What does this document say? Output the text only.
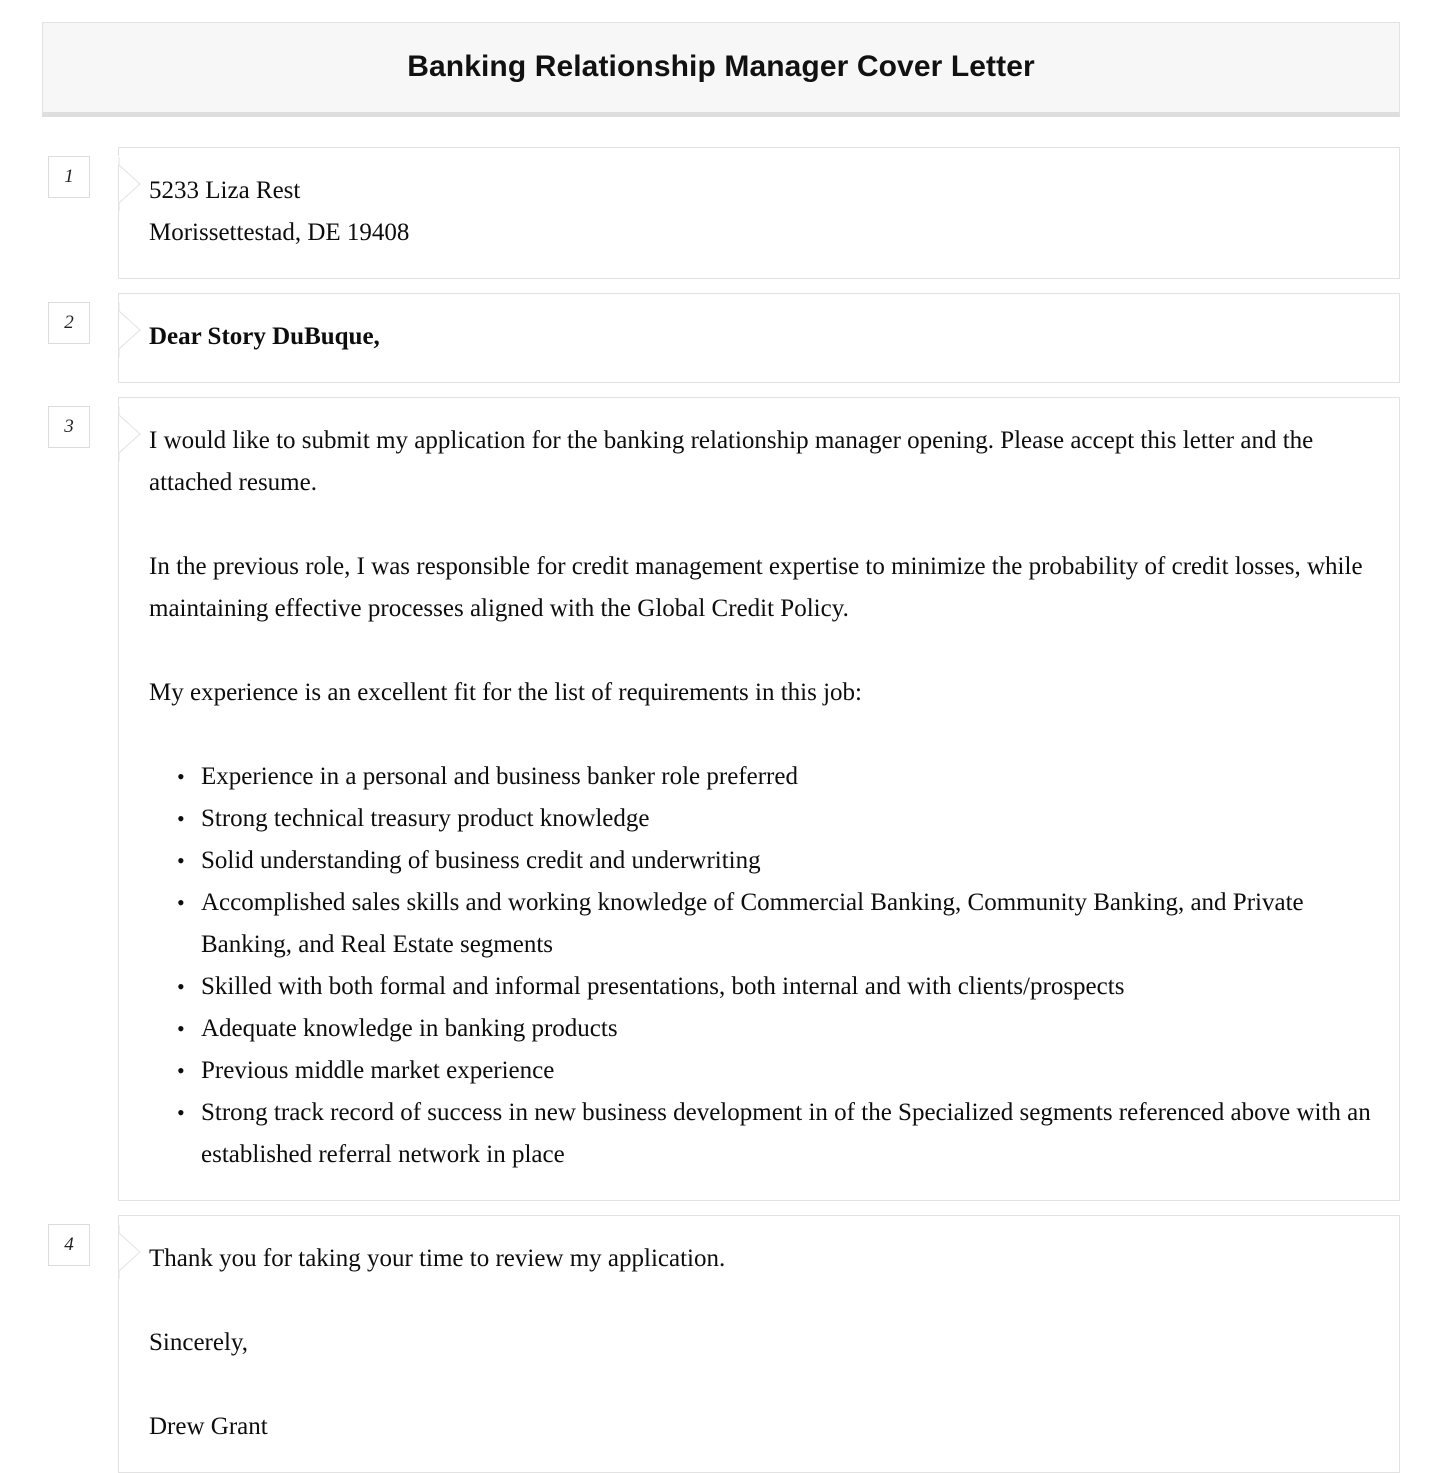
Banking Relationship Manager Cover Letter
1
5233 Liza Rest
Morissettestad, DE 19408
2
Dear Story DuBuque,
3

I would like to submit my application for the banking relationship manager opening. Please accept this letter and the attached resume.

In the previous role, I was responsible for credit management expertise to minimize the probability of credit losses, while maintaining effective processes aligned with the Global Credit Policy.

My experience is an excellent fit for the list of requirements in this job:

• Experience in a personal and business banker role preferred
• Strong technical treasury product knowledge
• Solid understanding of business credit and underwriting
• Accomplished sales skills and working knowledge of Commercial Banking, Community Banking, and Private Banking, and Real Estate segments
• Skilled with both formal and informal presentations, both internal and with clients/prospects
• Adequate knowledge in banking products
• Previous middle market experience
• Strong track record of success in new business development in of the Specialized segments referenced above with an established referral network in place
4
Thank you for taking your time to review my application.
Sincerely,
Drew Grant
